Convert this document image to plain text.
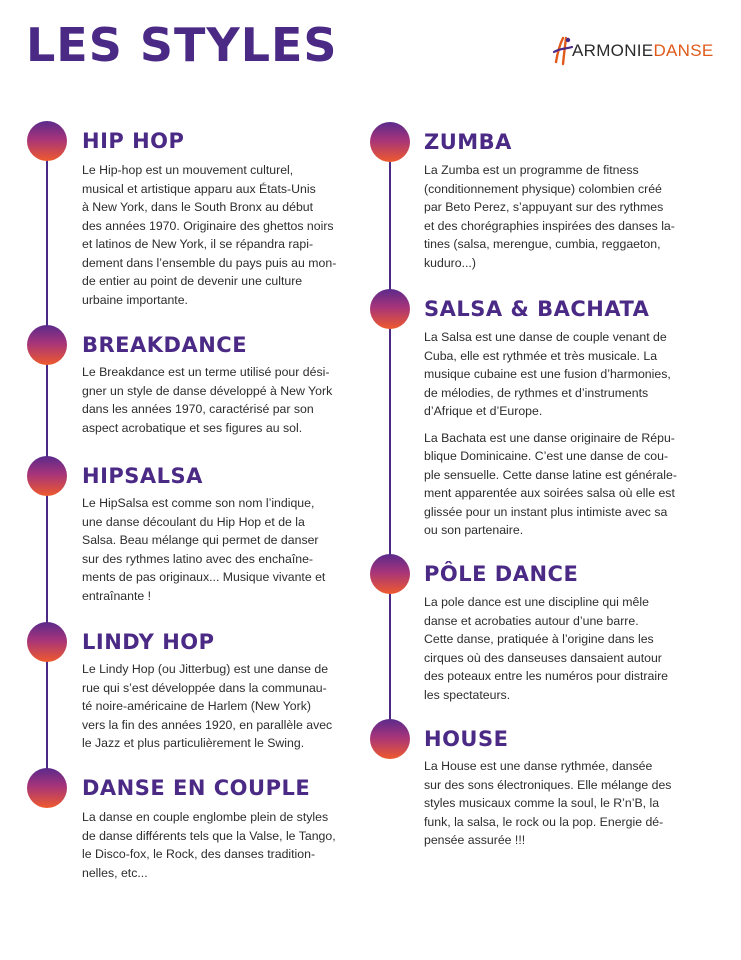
LES STYLES	ARMONIEDANSE
HIP HOP
Le Hip-hop est un mouvement culturel,
musical et artistique apparu aux États-Unis
à New York, dans le South Bronx au début
des années 1970. Originaire des ghettos noirs
et latinos de New York, il se répandra rapi-
dement dans l’ensemble du pays puis au mon-
de entier au point de devenir une culture
urbaine importante.
BREAKDANCE
Le Breakdance est un terme utilisé pour dési-
gner un style de danse développé à New York
dans les années 1970, caractérisé par son
aspect acrobatique et ses figures au sol.
HIPSALSA
Le HipSalsa est comme son nom l’indique,
une danse découlant du Hip Hop et de la
Salsa. Beau mélange qui permet de danser
sur des rythmes latino avec des enchaîne-
ments de pas originaux... Musique vivante et
entraînante !
LINDY HOP
Le Lindy Hop (ou Jitterbug) est une danse de
rue qui s’est développée dans la communau-
té noire-américaine de Harlem (New York)
vers la fin des années 1920, en parallèle avec
le Jazz et plus particulièrement le Swing.
DANSE EN COUPLE
La danse en couple englombe plein de styles
de danse différents tels que la Valse, le Tango,
le Disco-fox, le Rock, des danses tradition-
nelles, etc...
ZUMBA
La Zumba est un programme de fitness
(conditionnement physique) colombien créé
par Beto Perez, s’appuyant sur des rythmes
et des chorégraphies inspirées des danses la-
tines (salsa, merengue, cumbia, reggaeton,
kuduro...)
SALSA & BACHATA

La Salsa est une danse de couple venant de
Cuba, elle est rythmée et très musicale. La
musique cubaine est une fusion d’harmonies,
de mélodies, de rythmes et d’instruments
d’Afrique et d’Europe.

La Bachata est une danse originaire de Répu-
blique Dominicaine. C’est une danse de cou-
ple sensuelle. Cette danse latine est générale-
ment apparentée aux soirées salsa où elle est
glissée pour un instant plus intimiste avec sa
ou son partenaire.

PÔLE DANCE
La pole dance est une discipline qui mêle
danse et acrobaties autour d’une barre.
Cette danse, pratiquée à l’origine dans les
cirques où des danseuses dansaient autour
des poteaux entre les numéros pour distraire
les spectateurs.
HOUSE
La House est une danse rythmée, dansée
sur des sons électroniques. Elle mélange des
styles musicaux comme la soul, le R’n’B, la
funk, la salsa, le rock ou la pop. Energie dé-
pensée assurée !!!
